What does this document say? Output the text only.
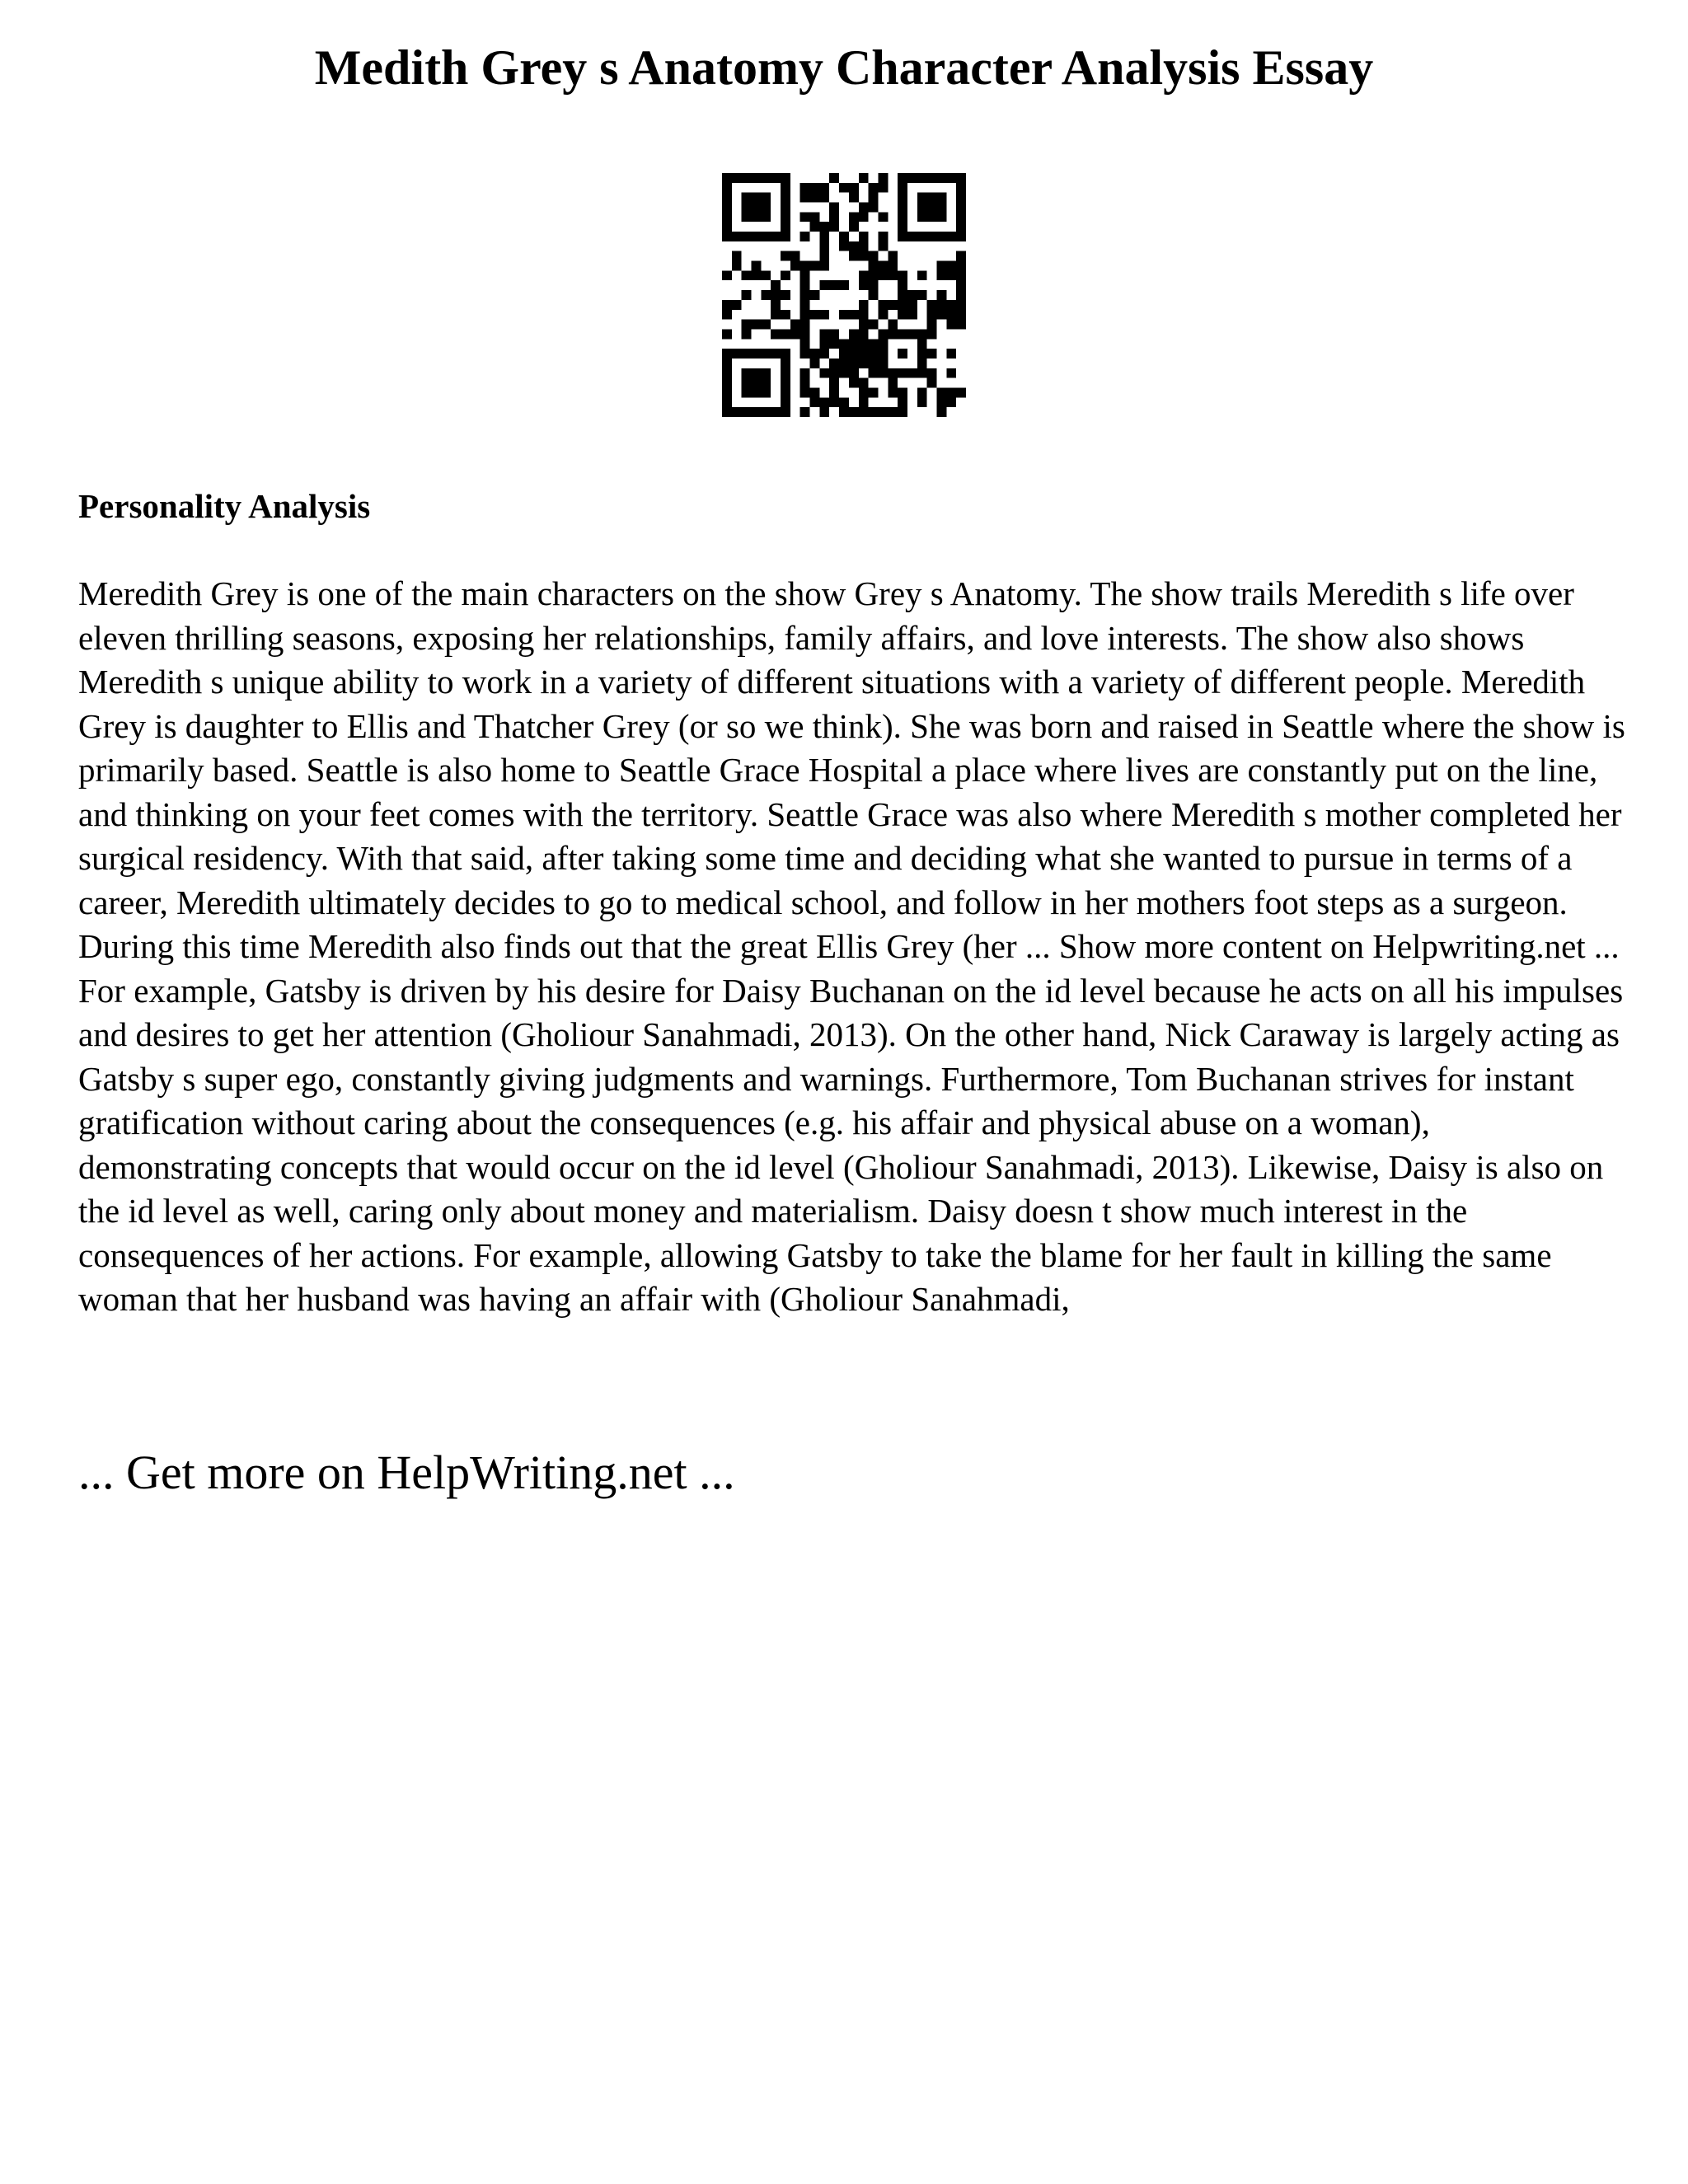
Medith Grey s Anatomy Character Analysis Essay
Personality Analysis

Meredith Grey is one of the main characters on the show Grey s Anatomy. The show trails Meredith s life over eleven thrilling seasons, exposing her relationships, family affairs, and love interests. The show also shows Meredith s unique ability to work in a variety of different situations with a variety of different people. Meredith Grey is daughter to Ellis and Thatcher Grey (or so we think). She was born and raised in Seattle where the show is primarily based. Seattle is also home to Seattle Grace Hospital a place where lives are constantly put on the line, and thinking on your feet comes with the territory. Seattle Grace was also where Meredith s mother completed her surgical residency. With that said, after taking some time and deciding what she wanted to pursue in terms of a career, Meredith ultimately decides to go to medical school, and follow in her mothers foot steps as a surgeon. During this time Meredith also finds out that the great Ellis Grey (her ... Show more content on Helpwriting.net ...

For example, Gatsby is driven by his desire for Daisy Buchanan on the id level because he acts on all his impulses and desires to get her attention (Gholiour Sanahmadi, 2013). On the other hand, Nick Caraway is largely acting as Gatsby s super ego, constantly giving judgments and warnings. Furthermore, Tom Buchanan strives for instant gratification without caring about the consequences (e.g. his affair and physical abuse on a woman), demonstrating concepts that would occur on the id level (Gholiour Sanahmadi, 2013). Likewise, Daisy is also on the id level as well, caring only about money and materialism. Daisy doesn t show much interest in the consequences of her actions. For example, allowing Gatsby to take the blame for her fault in killing the same woman that her husband was having an affair with (Gholiour Sanahmadi,

... Get more on HelpWriting.net ...
